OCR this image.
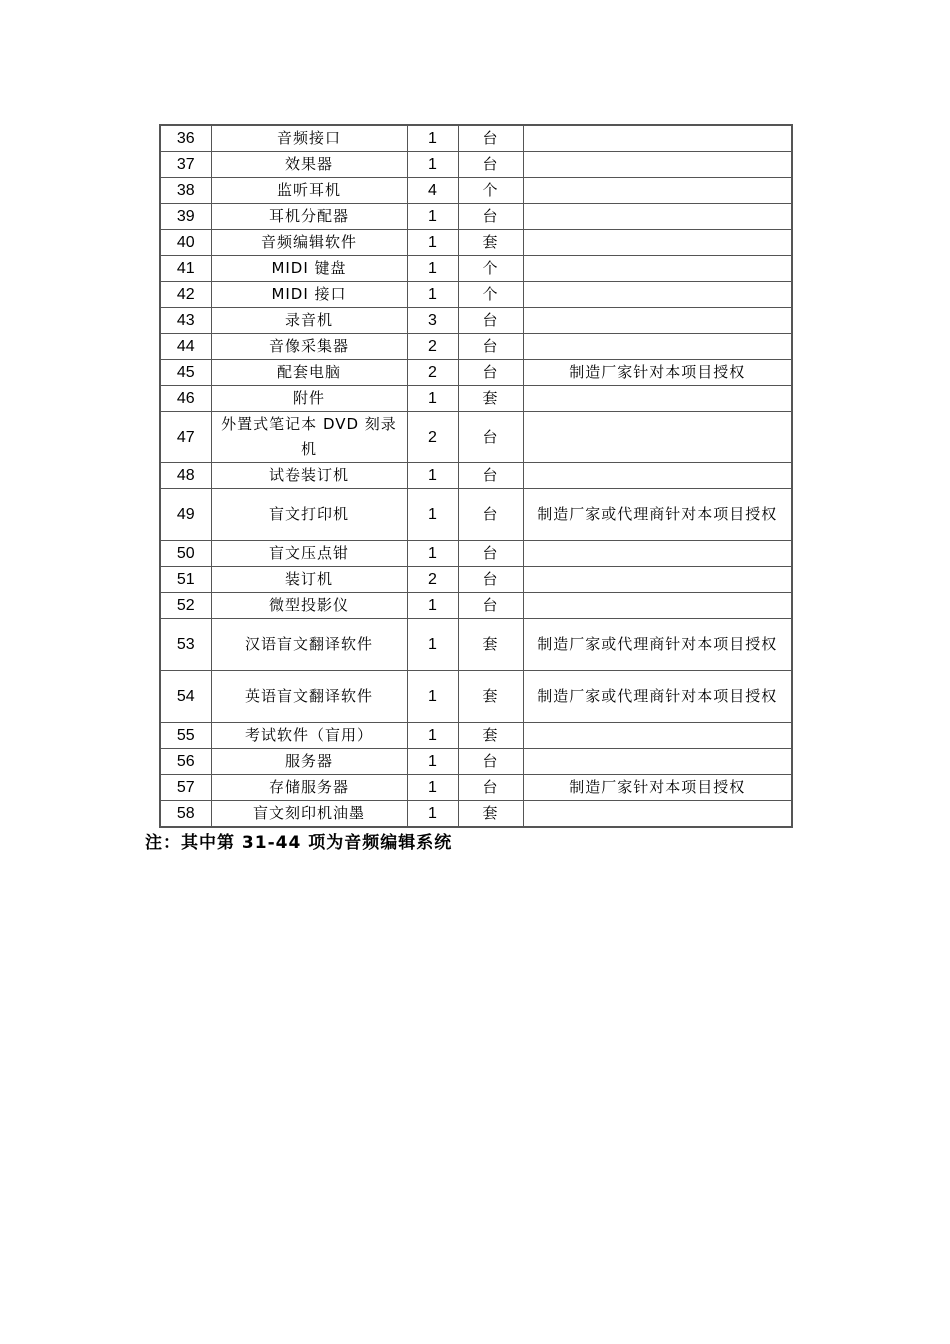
36	音频接口	1	台	
37	效果器	1	台	
38	监听耳机	4	个	
39	耳机分配器	1	台	
40	音频编辑软件	1	套	
41	MIDI 键盘	1	个	
42	MIDI 接口	1	个	
43	录音机	3	台	
44	音像采集器	2	台	
45	配套电脑	2	台	制造厂家针对本项目授权
46	附件	1	套	
47	外置式笔记本 DVD 刻录机	2	台	
48	试卷装订机	1	台	
49	盲文打印机	1	台	制造厂家或代理商针对本项目授权
50	盲文压点钳	1	台	
51	装订机	2	台	
52	微型投影仪	1	台	
53	汉语盲文翻译软件	1	套	制造厂家或代理商针对本项目授权
54	英语盲文翻译软件	1	套	制造厂家或代理商针对本项目授权
55	考试软件（盲用）	1	套	
56	服务器	1	台	
57	存储服务器	1	台	制造厂家针对本项目授权
58	盲文刻印机油墨	1	套	
注：其中第 31-44 项为音频编辑系统
